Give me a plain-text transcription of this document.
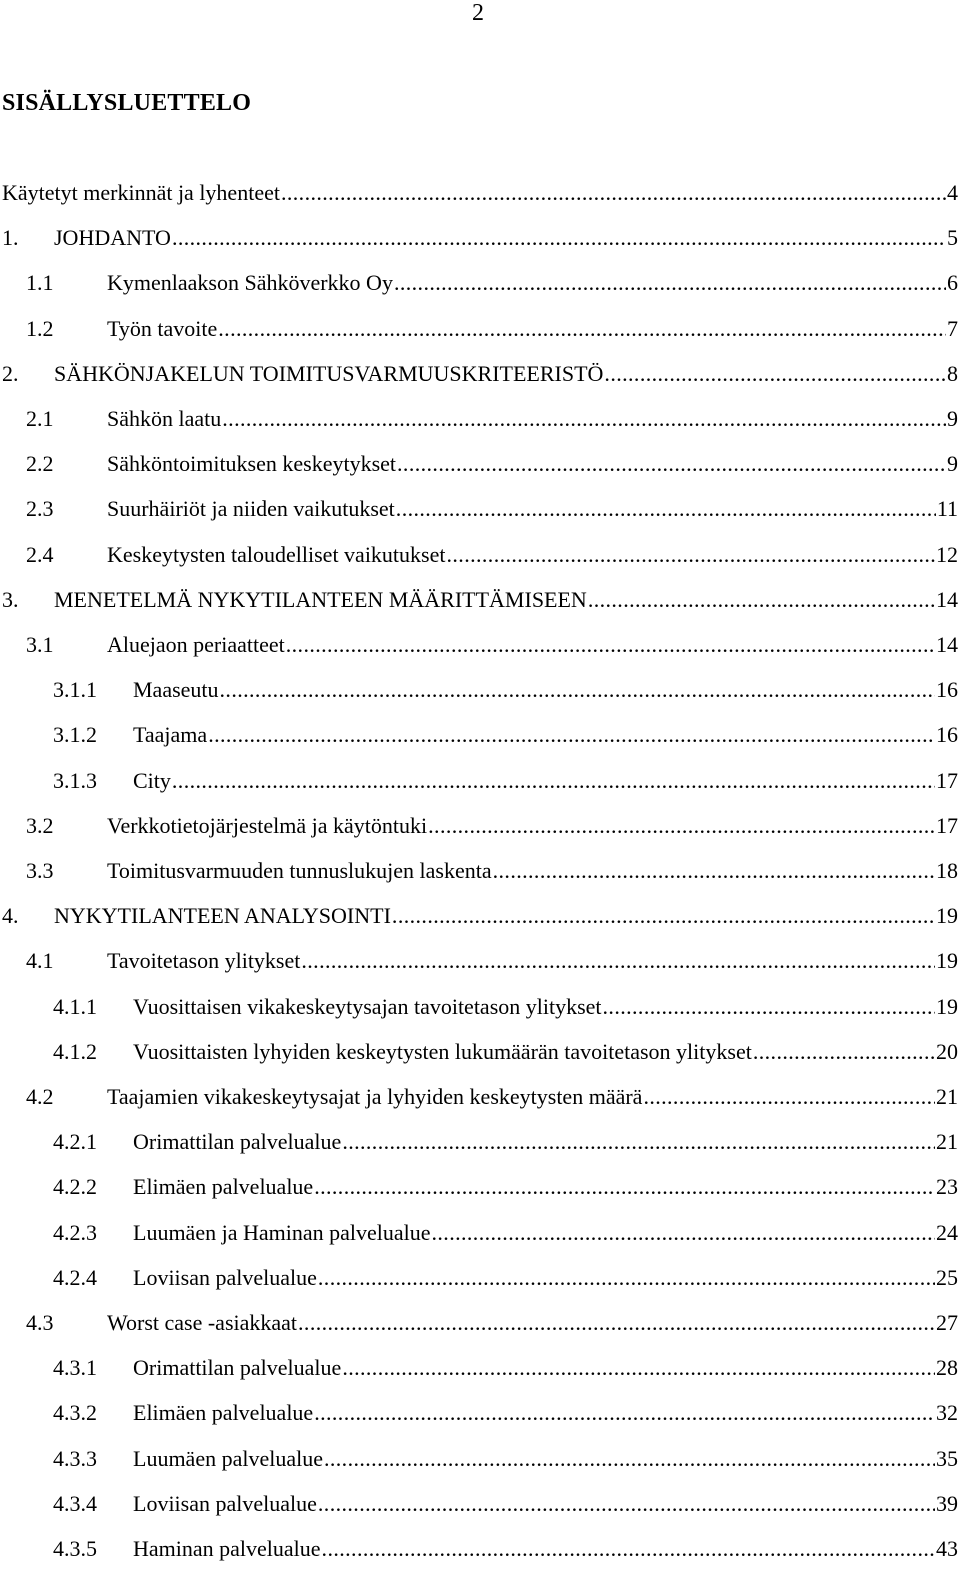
2
SISÄLLYSLUETTELO
Käytetyt merkinnät ja lyhenteet .....	4
1. JOHDANTO .....	5
1.1 Kymenlaakson Sähköverkko Oy .....	6
1.2 Työn tavoite .....	7
2. SÄHKÖNJAKELUN TOIMITUSVARMUUSKRITEERISTÖ .....	8
2.1 Sähkön laatu .....	9
2.2 Sähköntoimituksen keskeytykset .....	9
2.3 Suurhäiriöt ja niiden vaikutukset .....	11
2.4 Keskeytysten taloudelliset vaikutukset .....	12
3. MENETELMÄ NYKYTILANTEEN MÄÄRITTÄMISEEN .....	14
3.1 Aluejaon periaatteet .....	14
3.1.1 Maaseutu .....	16
3.1.2 Taajama .....	16
3.1.3 City .....	17
3.2 Verkkotietojärjestelmä ja käytöntuki .....	17
3.3 Toimitusvarmuuden tunnuslukujen laskenta .....	18
4. NYKYTILANTEEN ANALYSOINTI .....	19
4.1 Tavoitetason ylitykset .....	19
4.1.1 Vuosittaisen vikakeskeytysajan tavoitetason ylitykset .....	19
4.1.2 Vuosittaisten lyhyiden keskeytysten lukumäärän tavoitetason ylitykset .....	20
4.2 Taajamien vikakeskeytysajat ja lyhyiden keskeytysten määrä .....	21
4.2.1 Orimattilan palvelualue .....	21
4.2.2 Elimäen palvelualue .....	23
4.2.3 Luumäen ja Haminan palvelualue .....	24
4.2.4 Loviisan palvelualue .....	25
4.3 Worst case -asiakkaat .....	27
4.3.1 Orimattilan palvelualue .....	28
4.3.2 Elimäen palvelualue .....	32
4.3.3 Luumäen palvelualue .....	35
4.3.4 Loviisan palvelualue .....	39
4.3.5 Haminan palvelualue .....	43
